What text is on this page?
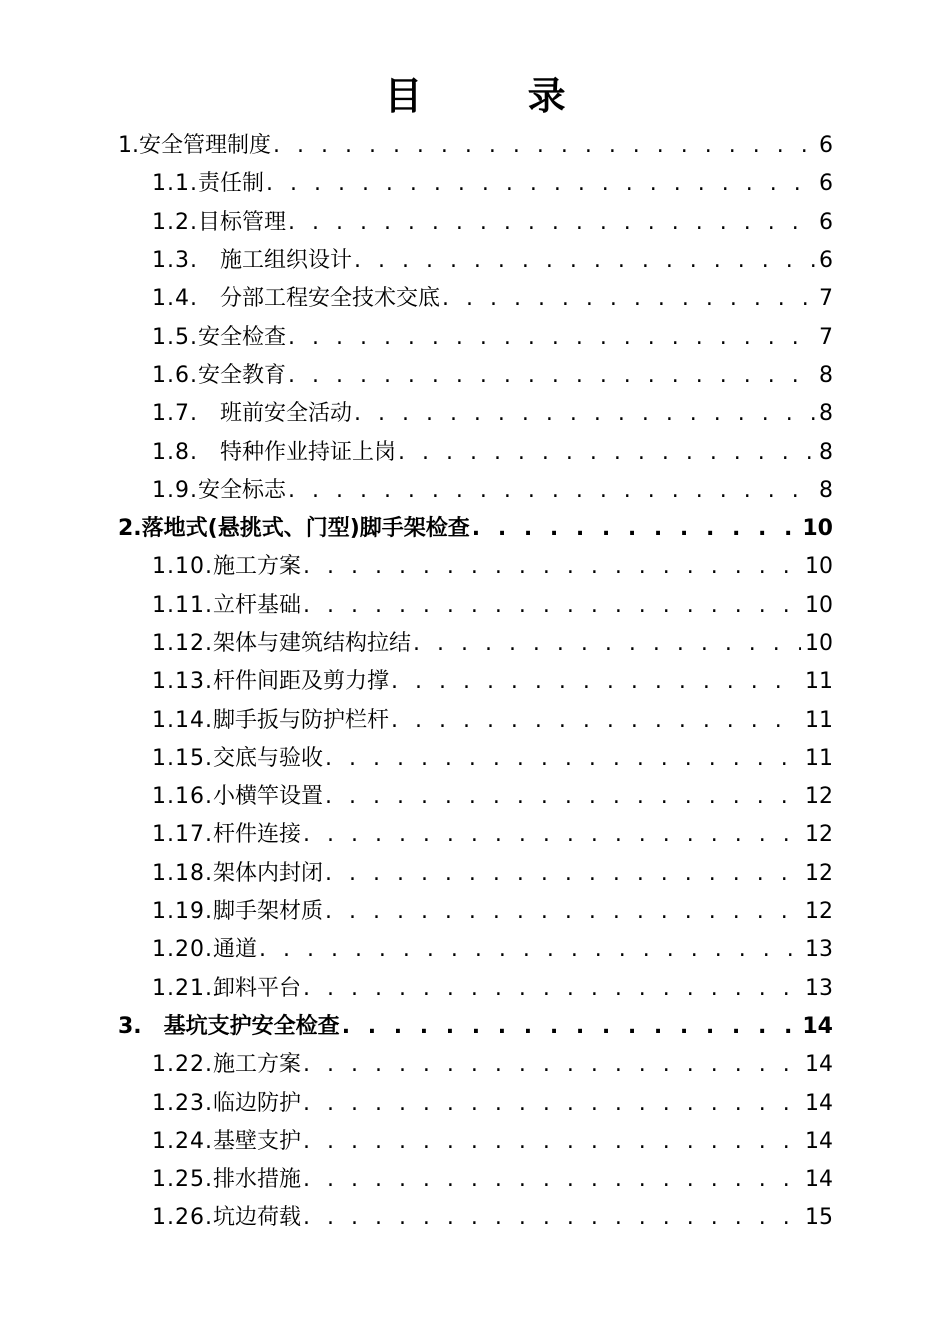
目 录
1. 安全管理制度 . . .	6
1.1. 责任制 . . .	6
1.2. 目标管理 . . .	6
1.3. 施工组织设计 . . .	6
1.4. 分部工程安全技术交底 . . .	7
1.5. 安全检查 . . .	7
1.6. 安全教育 . . .	8
1.7. 班前安全活动 . . .	8
1.8. 特种作业持证上岗 . . .	8
1.9. 安全标志 . . .	8
2. 落地式(悬挑式、门型)脚手架检查 . . .	10
1.10. 施工方案 . . .	10
1.11. 立杆基础 . . .	10
1.12. 架体与建筑结构拉结 . . .	10
1.13. 杆件间距及剪力撑 . . .	11
1.14. 脚手扳与防护栏杆 . . .	11
1.15. 交底与验收 . . .	11
1.16. 小横竿设置 . . .	12
1.17. 杆件连接 . . .	12
1.18. 架体内封闭 . . .	12
1.19. 脚手架材质 . . .	12
1.20. 通道 . . .	13
1.21. 卸料平台 . . .	13
3. 基坑支护安全检查 . . .	14
1.22. 施工方案 . . .	14
1.23. 临边防护 . . .	14
1.24. 基壁支护 . . .	14
1.25. 排水措施 . . .	14
1.26. 坑边荷载 . . .	15
